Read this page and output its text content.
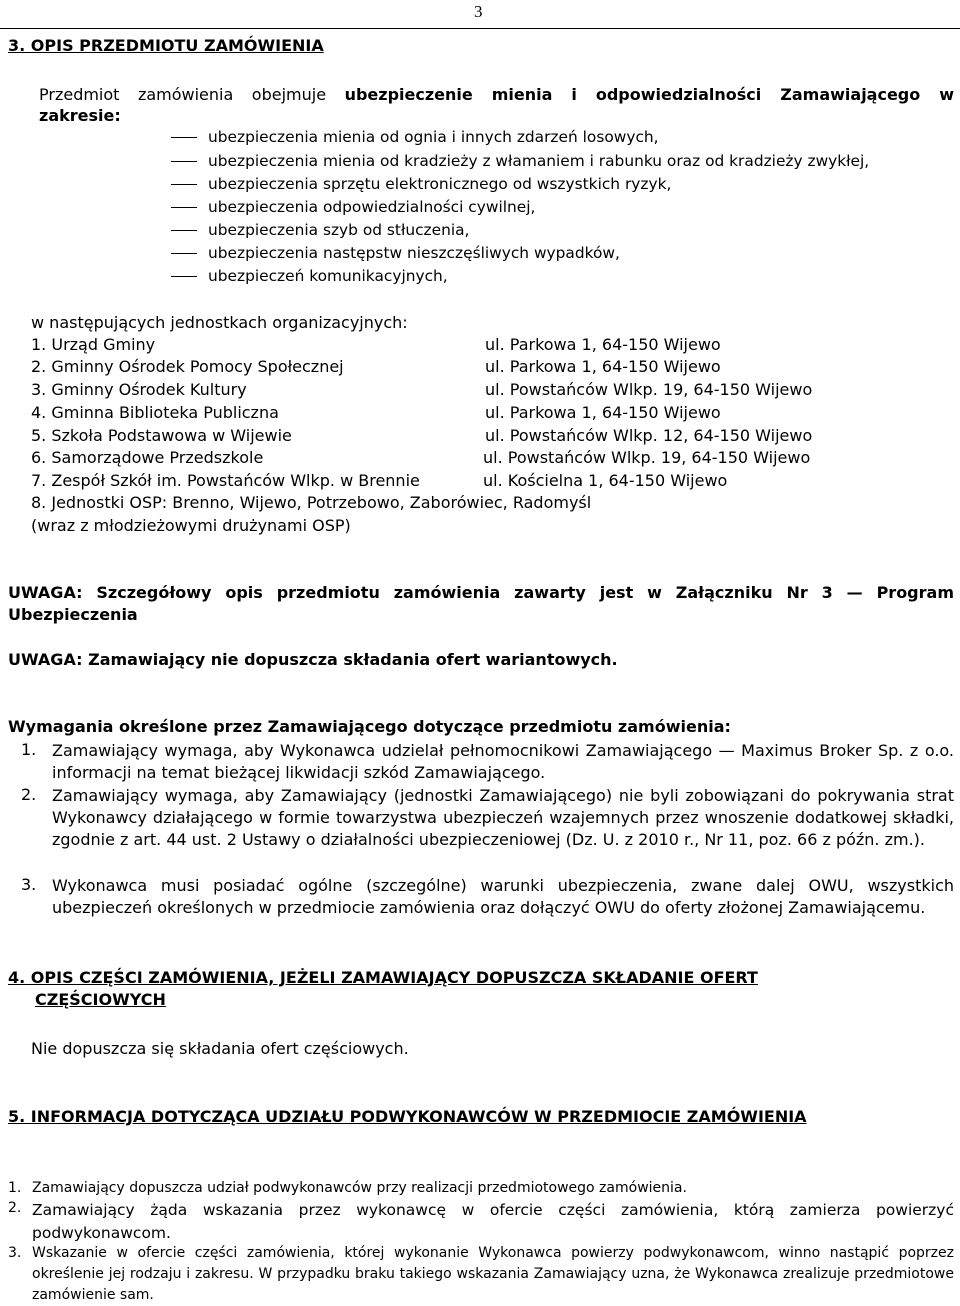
3
3. OPIS PRZEDMIOTU ZAMÓWIENIA
Przedmiot zamówienia obejmuje ubezpieczenie mienia i odpowiedzialności Zamawiającego w
zakresie:
ubezpieczenia mienia od ognia i innych zdarzeń losowych,
ubezpieczenia mienia od kradzieży z włamaniem i rabunku oraz od kradzieży zwykłej,
ubezpieczenia sprzętu elektronicznego od wszystkich ryzyk,
ubezpieczenia odpowiedzialności cywilnej,
ubezpieczenia szyb od stłuczenia,
ubezpieczenia następstw nieszczęśliwych wypadków,
ubezpieczeń komunikacyjnych,
w następujących jednostkach organizacyjnych:
1. Urząd Gminy	ul. Parkowa 1, 64-150 Wijewo
2. Gminny Ośrodek Pomocy Społecznej	ul. Parkowa 1, 64-150 Wijewo
3. Gminny Ośrodek Kultury	ul. Powstańców Wlkp. 19, 64-150 Wijewo
4. Gminna Biblioteka Publiczna	ul. Parkowa 1, 64-150 Wijewo
5. Szkoła Podstawowa w Wijewie	ul. Powstańców Wlkp. 12, 64-150 Wijewo
6. Samorządowe Przedszkole	ul. Powstańców Wlkp. 19, 64-150 Wijewo
7. Zespół Szkół im. Powstańców Wlkp. w Brennie	ul. Kościelna 1, 64-150 Wijewo
8. Jednostki OSP: Brenno, Wijewo, Potrzebowo, Zaborówiec, Radomyśl
(wraz z młodzieżowymi drużynami OSP)
UWAGA: Szczegółowy opis przedmiotu zamówienia zawarty jest w Załączniku Nr 3 — Program Ubezpieczenia
UWAGA: Zamawiający nie dopuszcza składania ofert wariantowych.
Wymagania określone przez Zamawiającego dotyczące przedmiotu zamówienia:
1. Zamawiający wymaga, aby Wykonawca udzielał pełnomocnikowi Zamawiającego — Maximus Broker Sp. z o.o. informacji na temat bieżącej likwidacji szkód Zamawiającego.
2. Zamawiający wymaga, aby Zamawiający (jednostki Zamawiającego) nie byli zobowiązani do pokrywania strat Wykonawcy działającego w formie towarzystwa ubezpieczeń wzajemnych przez wnoszenie dodatkowej składki, zgodnie z art. 44 ust. 2 Ustawy o działalności ubezpieczeniowej (Dz. U. z 2010 r., Nr 11, poz. 66 z późn. zm.).
3. Wykonawca musi posiadać ogólne (szczególne) warunki ubezpieczenia, zwane dalej OWU, wszystkich ubezpieczeń określonych w przedmiocie zamówienia oraz dołączyć OWU do oferty złożonej Zamawiającemu.
4. OPIS CZĘŚCI ZAMÓWIENIA, JEŻELI ZAMAWIAJĄCY DOPUSZCZA SKŁADANIE OFERT
CZĘŚCIOWYCH
Nie dopuszcza się składania ofert częściowych.
5. INFORMACJA DOTYCZĄCA UDZIAŁU PODWYKONAWCÓW W PRZEDMIOCIE ZAMÓWIENIA
1. Zamawiający dopuszcza udział podwykonawców przy realizacji przedmiotowego zamówienia.
2. Zamawiający żąda wskazania przez wykonawcę w ofercie części zamówienia, którą zamierza powierzyć podwykonawcom.
3. Wskazanie w ofercie części zamówienia, której wykonanie Wykonawca powierzy podwykonawcom, winno nastąpić poprzez określenie jej rodzaju i zakresu. W przypadku braku takiego wskazania Zamawiający uzna, że Wykonawca zrealizuje przedmiotowe zamówienie sam.
